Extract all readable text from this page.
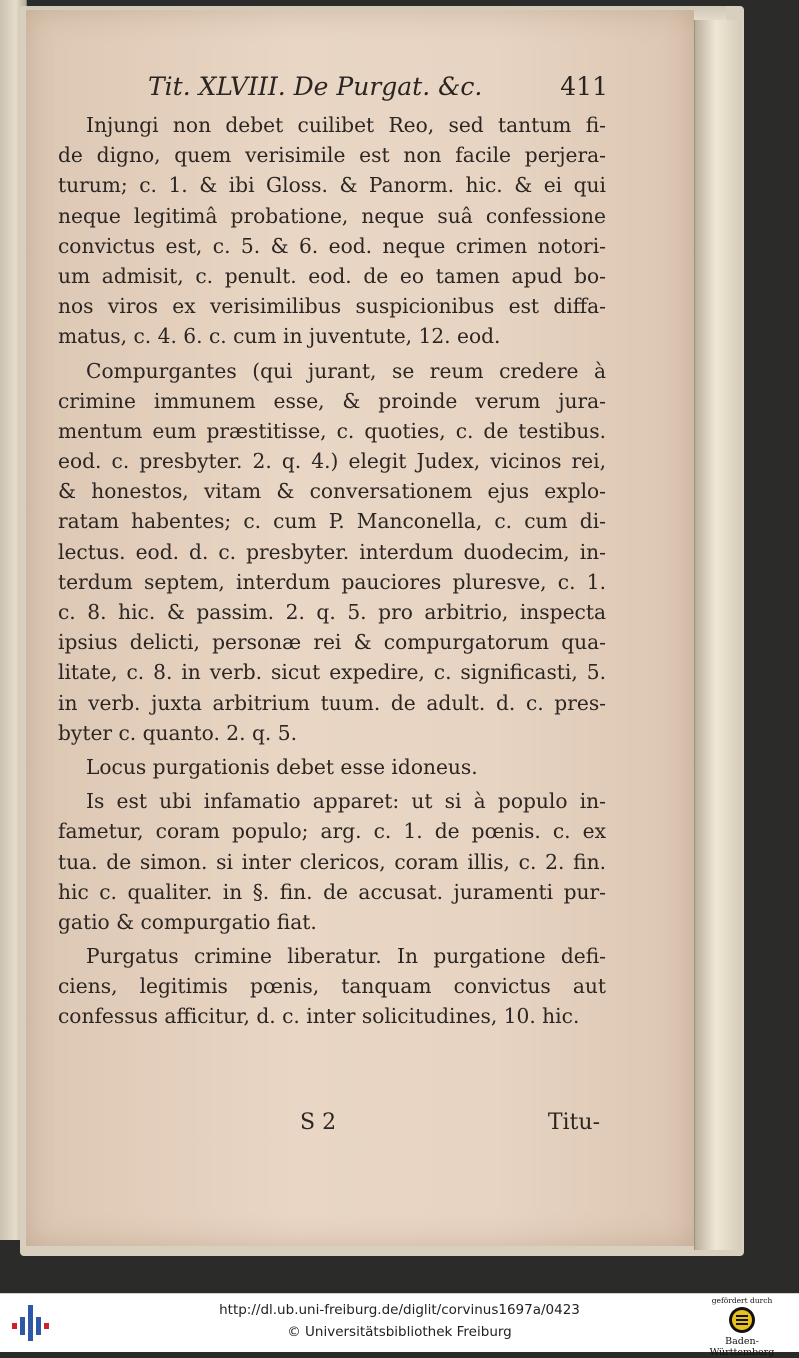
Tit. XLVIII. De Purgat. &c.	411
Injungi non debet cuilibet Reo, sed tantum fi-
de digno, quem verisimile est non facile perjera-
turum; c. 1. & ibi Gloss. & Panorm. hic. & ei qui
neque legitimâ probatione, neque suâ confessione
convictus est, c. 5. & 6. eod. neque crimen notori-
um admisit, c. penult. eod. de eo tamen apud bo-
nos viros ex verisimilibus suspicionibus est diffa-
matus, c. 4. 6. c. cum in juventute, 12. eod.
Compurgantes (qui jurant, se reum credere à
crimine immunem esse, & proinde verum jura-
mentum eum præstitisse, c. quoties, c. de testibus.
eod. c. presbyter. 2. q. 4.) elegit Judex, vicinos rei,
& honestos, vitam & conversationem ejus explo-
ratam habentes; c. cum P. Manconella, c. cum di-
lectus. eod. d. c. presbyter. interdum duodecim, in-
terdum septem, interdum pauciores pluresve, c. 1.
c. 8. hic. & passim. 2. q. 5. pro arbitrio, inspecta
ipsius delicti, personæ rei & compurgatorum qua-
litate, c. 8. in verb. sicut expedire, c. significasti, 5.
in verb. juxta arbitrium tuum. de adult. d. c. pres-
byter c. quanto. 2. q. 5.
Locus purgationis debet esse idoneus.
Is est ubi infamatio apparet: ut si à populo in-
fametur, coram populo; arg. c. 1. de pœnis. c. ex
tua. de simon. si inter clericos, coram illis, c. 2. fin.
hic c. qualiter. in §. fin. de accusat. juramenti pur-
gatio & compurgatio fiat.
Purgatus crimine liberatur. In purgatione defi-
ciens, legitimis pœnis, tanquam convictus aut
confessus afficitur, d. c. inter solicitudines, 10. hic.
S 2	Titu-
http://dl.ub.uni-freiburg.de/diglit/corvinus1697a/0423
© Universitätsbibliothek Freiburg
gefördert durch
Baden-Württemberg
